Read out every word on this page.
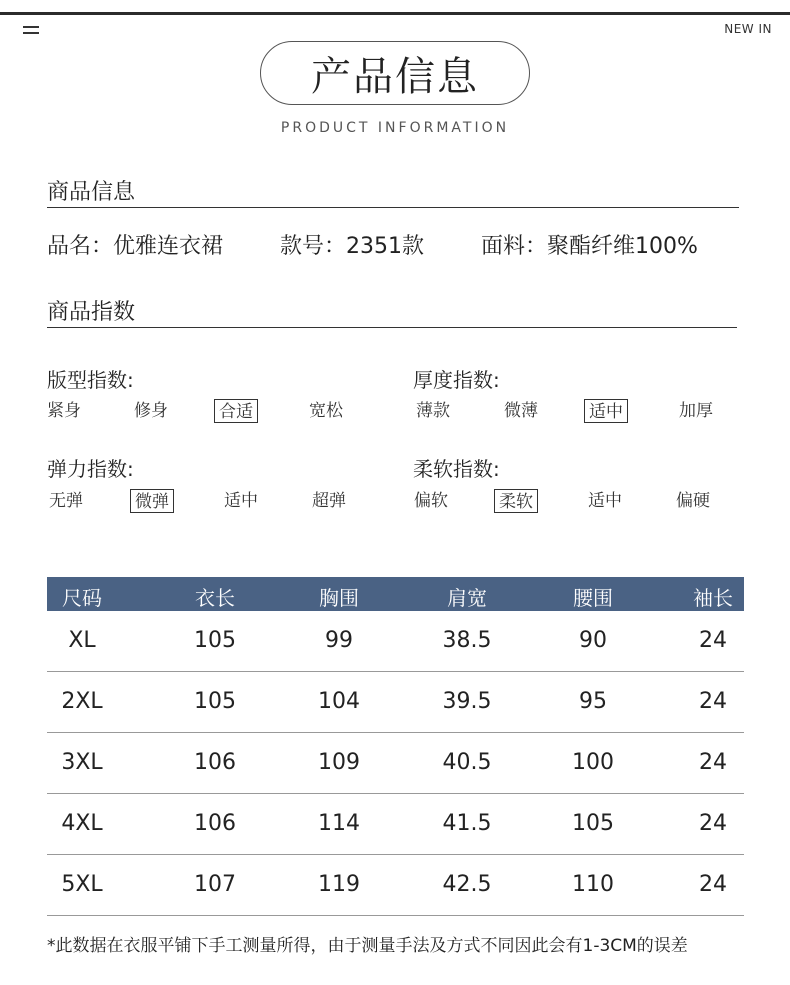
NEW IN
产品信息
PRODUCT INFORMATION
商品信息
品名：优雅连衣裙	款号：2351款	面料：聚酯纤维100%
商品指数
版型指数:
紧身	修身	合适	宽松
厚度指数:
薄款	微薄	适中	加厚
弹力指数:
无弹	微弹	适中	超弹
柔软指数:
偏软	柔软	适中	偏硬
尺码	衣长	胸围	肩宽	腰围	袖长
XL	105	99	38.5	90	24
2XL	105	104	39.5	95	24
3XL	106	109	40.5	100	24
4XL	106	114	41.5	105	24
5XL	107	119	42.5	110	24
*此数据在衣服平铺下手工测量所得，由于测量手法及方式不同因此会有1-3CM的误差
